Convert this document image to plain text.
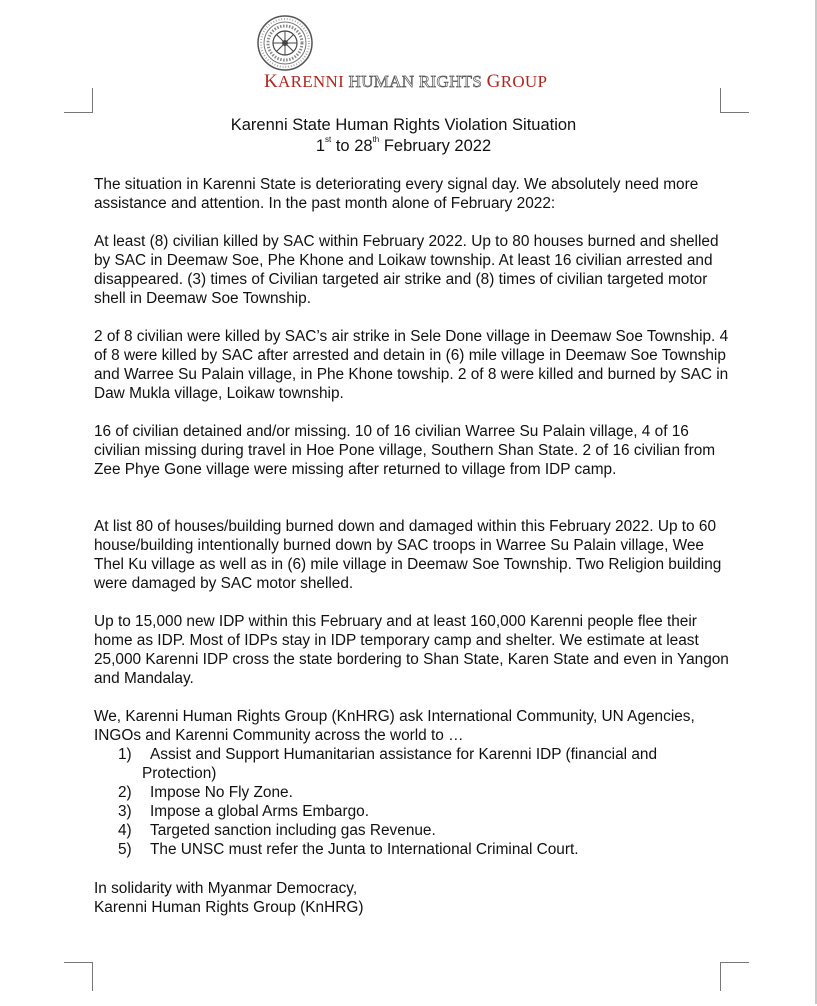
KARENNI HUMAN RIGHTS GROUP
Karenni State Human Rights Violation Situation
1st to 28th February 2022

The situation in Karenni State is deteriorating every signal day. We absolutely need more assistance and attention. In the past month alone of February 2022:

At least (8) civilian killed by SAC within February 2022. Up to 80 houses burned and shelled by SAC in Deemaw Soe, Phe Khone and Loikaw township. At least 16 civilian arrested and disappeared. (3) times of Civilian targeted air strike and (8) times of civilian targeted motor shell in Deemaw Soe Township.

2 of 8 civilian were killed by SAC’s air strike in Sele Done village in Deemaw Soe Township. 4 of 8 were killed by SAC after arrested and detain in (6) mile village in Deemaw Soe Township and Warree Su Palain village, in Phe Khone towship. 2 of 8 were killed and burned by SAC in Daw Mukla village, Loikaw township.

16 of civilian detained and/or missing. 10 of 16 civilian Warree Su Palain village, 4 of 16 civilian missing during travel in Hoe Pone village, Southern Shan State. 2 of 16 civilian from Zee Phye Gone village were missing after returned to village from IDP camp.

At list 80 of houses/building burned down and damaged within this February 2022. Up to 60 house/building intentionally burned down by SAC troops in Warree Su Palain village, Wee Thel Ku village as well as in (6) mile village in Deemaw Soe Township. Two Religion building were damaged by SAC motor shelled.

Up to 15,000 new IDP within this February and at least 160,000 Karenni people flee their home as IDP. Most of IDPs stay in IDP temporary camp and shelter. We estimate at least 25,000 Karenni IDP cross the state bordering to Shan State, Karen State and even in Yangon and Mandalay.

We, Karenni Human Rights Group (KnHRG) ask International Community, UN Agencies, INGOs and Karenni Community across the world to …

1) Assist and Support Humanitarian assistance for Karenni IDP (financial and
Protection)
2) Impose No Fly Zone.
3) Impose a global Arms Embargo.
4) Targeted sanction including gas Revenue.
5) The UNSC must refer the Junta to International Criminal Court.
In solidarity with Myanmar Democracy,
Karenni Human Rights Group (KnHRG)
